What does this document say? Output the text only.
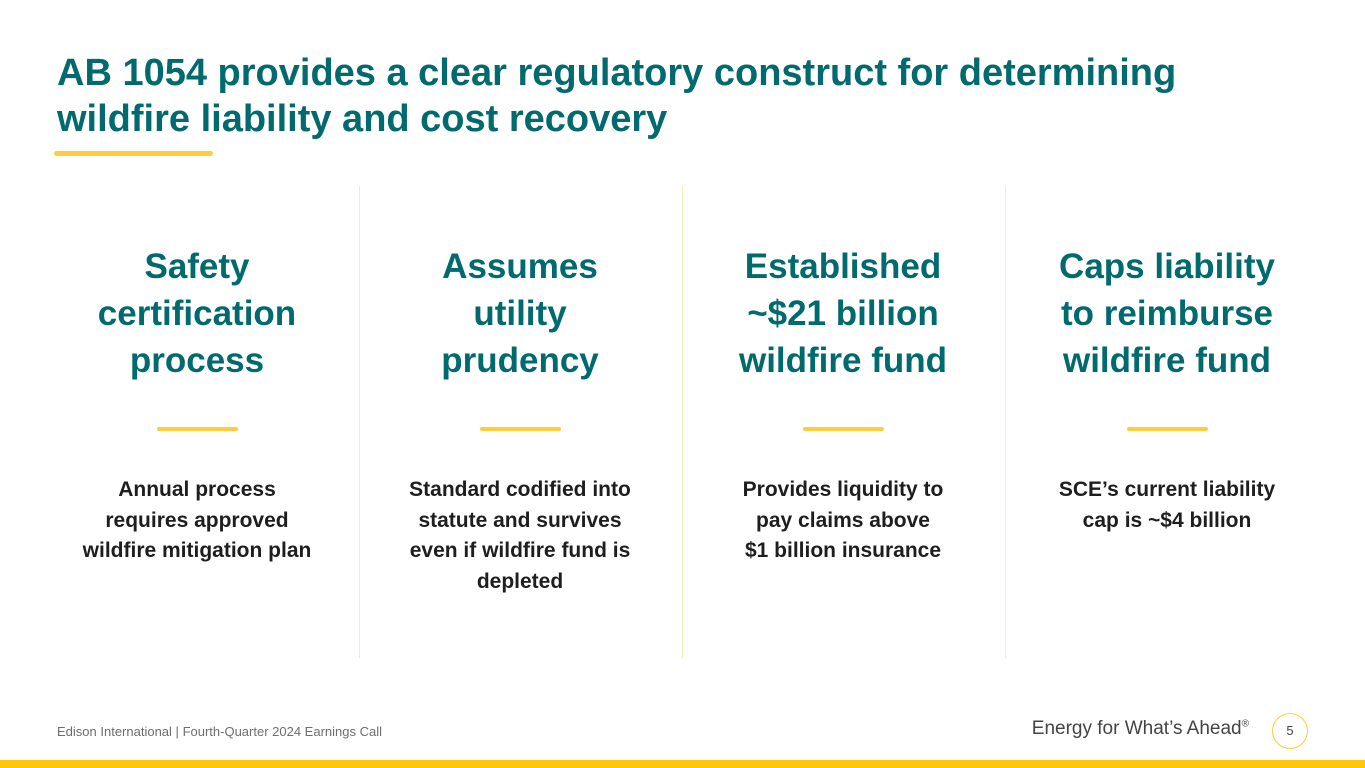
AB 1054 provides a clear regulatory construct for determining
wildfire liability and cost recovery
Safety
certification
process

Annual process
requires approved
wildfire mitigation plan

Assumes
utility
prudency

Standard codified into
statute and survives
even if wildfire fund is
depleted

Established
~$21 billion
wildfire fund

Provides liquidity to
pay claims above
$1 billion insurance

Caps liability
to reimburse
wildfire fund

SCE’s current liability
cap is ~$4 billion

Edison International | Fourth-Quarter 2024 Earnings Call	Energy for What’s Ahead®	5
